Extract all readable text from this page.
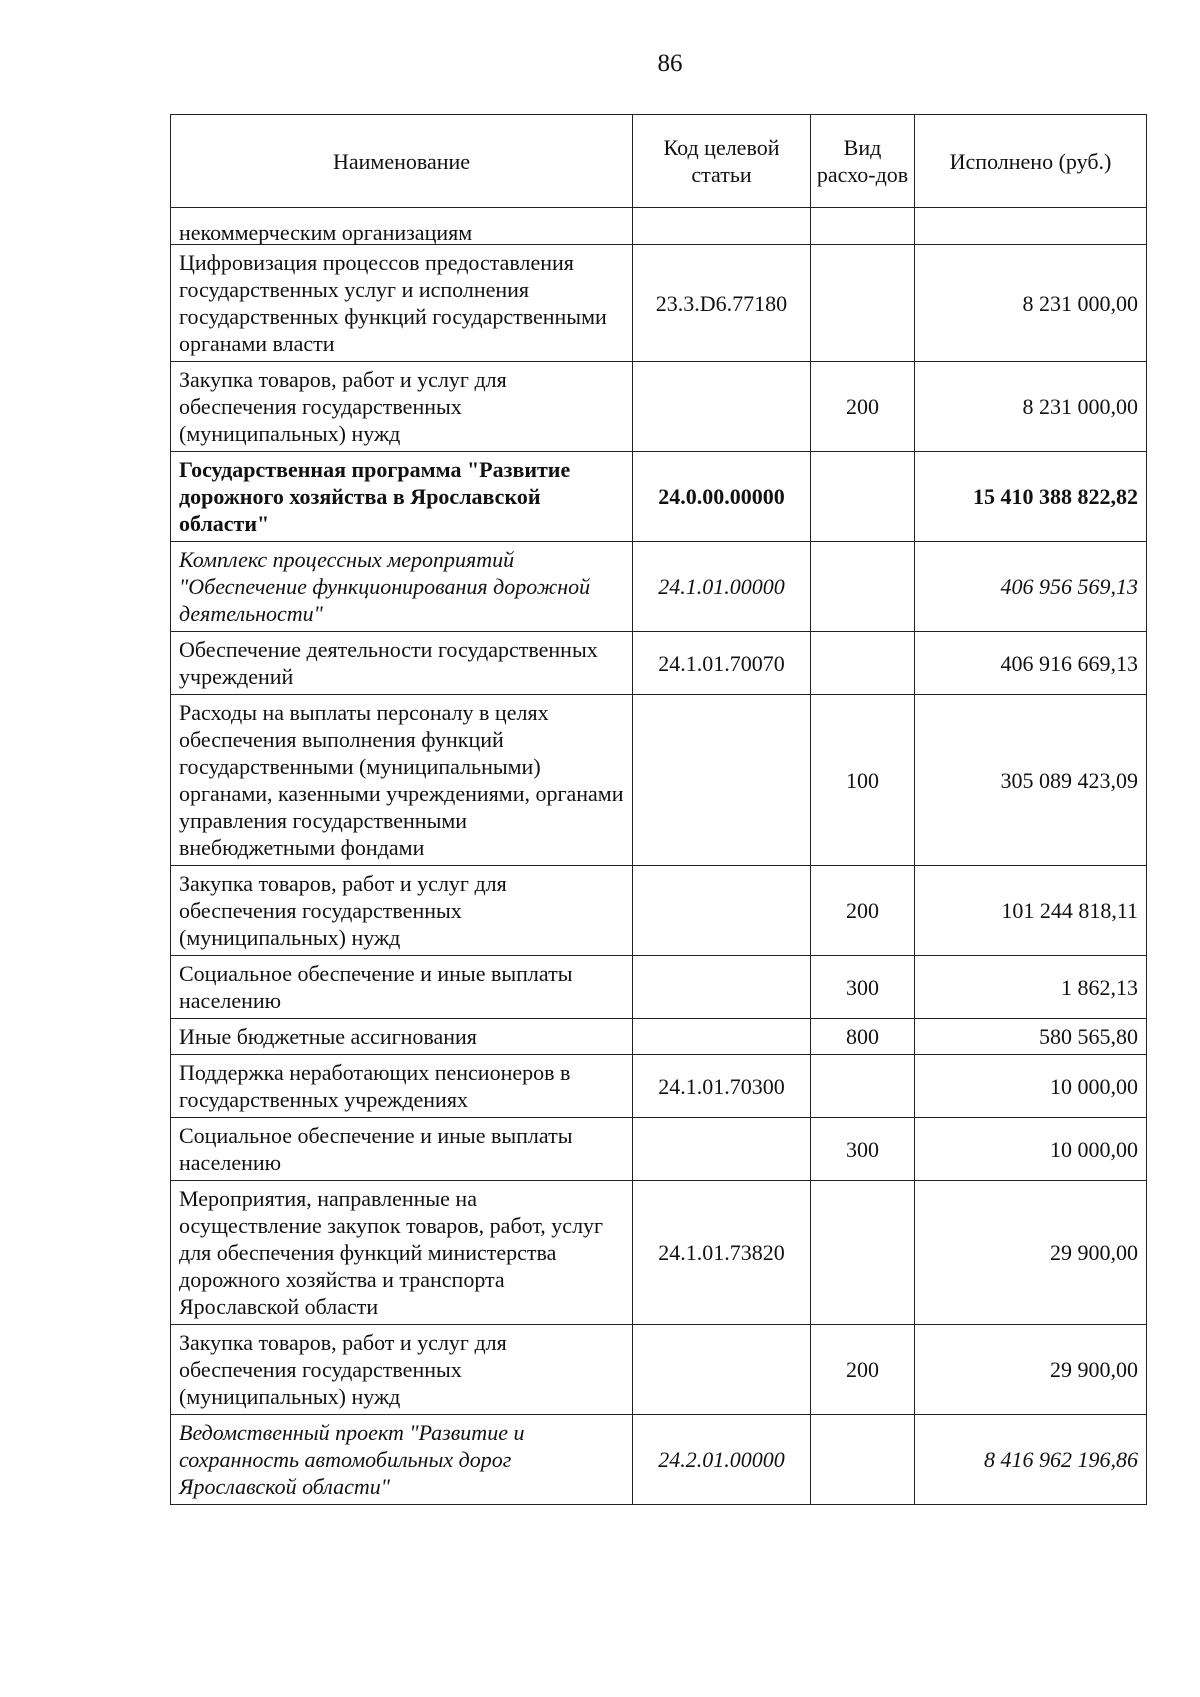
86
Наименование	Код целевой статьи	Вид расхо-дов	Исполнено (руб.)
некоммерческим организациям			
Цифровизация процессов предоставления государственных услуг и исполнения государственных функций государственными органами власти	23.3.D6.77180		8 231 000,00
Закупка товаров, работ и услуг для обеспечения государственных (муниципальных) нужд		200	8 231 000,00
Государственная программа "Развитие дорожного хозяйства в Ярославской области"	24.0.00.00000		15 410 388 822,82
Комплекс процессных мероприятий "Обеспечение функционирования дорожной деятельности"	24.1.01.00000		406 956 569,13
Обеспечение деятельности государственных учреждений	24.1.01.70070		406 916 669,13
Расходы на выплаты персоналу в целях обеспечения выполнения функций государственными (муниципальными) органами, казенными учреждениями, органами управления государственными внебюджетными фондами		100	305 089 423,09
Закупка товаров, работ и услуг для обеспечения государственных (муниципальных) нужд		200	101 244 818,11
Социальное обеспечение и иные выплаты населению		300	1 862,13
Иные бюджетные ассигнования		800	580 565,80
Поддержка неработающих пенсионеров в государственных учреждениях	24.1.01.70300		10 000,00
Социальное обеспечение и иные выплаты населению		300	10 000,00
Мероприятия, направленные на осуществление закупок товаров, работ, услуг для обеспечения функций министерства дорожного хозяйства и транспорта Ярославской области	24.1.01.73820		29 900,00
Закупка товаров, работ и услуг для обеспечения государственных (муниципальных) нужд		200	29 900,00
Ведомственный проект "Развитие и сохранность автомобильных дорог Ярославской области"	24.2.01.00000		8 416 962 196,86
